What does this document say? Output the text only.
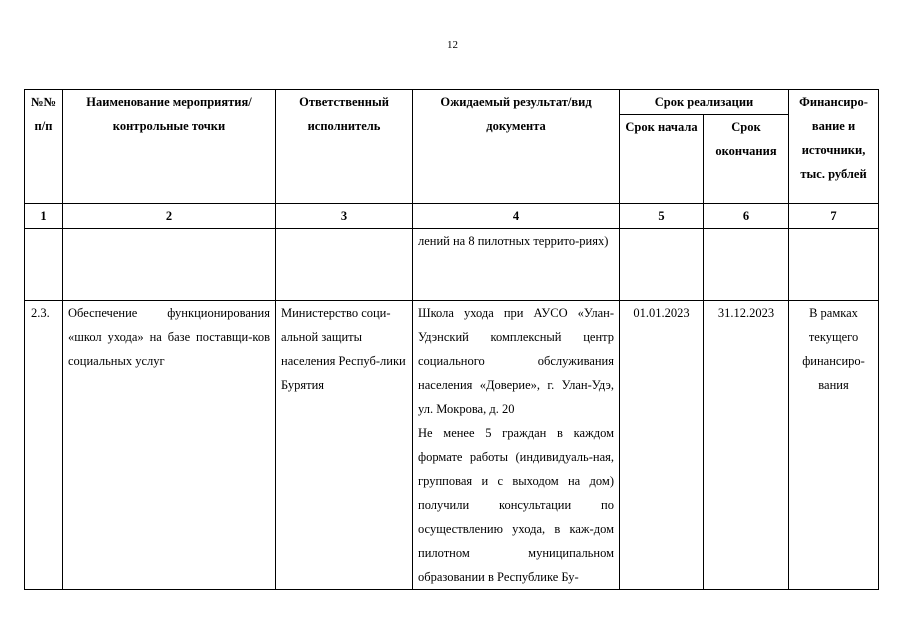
12
№№ п/п	Наименование мероприятия/ контрольные точки	Ответственный исполнитель	Ожидаемый результат/вид документа	Срок реализации		Финансиро-вание и источники, тыс. рублей
				Срок начала	Срок окончания	
1	2	3	4	5	6	7
			лений на 8 пилотных террито-риях)			
2.3.	Обеспечение функционирования «школ ухода» на базе поставщи-ков социальных услуг	Министерство соци-альной защиты населения Респуб-лики Бурятия	Школа ухода при АУСО «Улан-Удэнский комплексный центр социального обслуживания населения «Доверие», г. Улан-Удэ, ул. Мокрова, д. 20
Не менее 5 граждан в каждом формате работы (индивидуаль-ная, групповая и с выходом на дом) получили консультации по осуществлению ухода, в каж-дом пилотном муниципальном образовании в Республике Бу-	01.01.2023	31.12.2023	В рамках текущего финансиро-вания
